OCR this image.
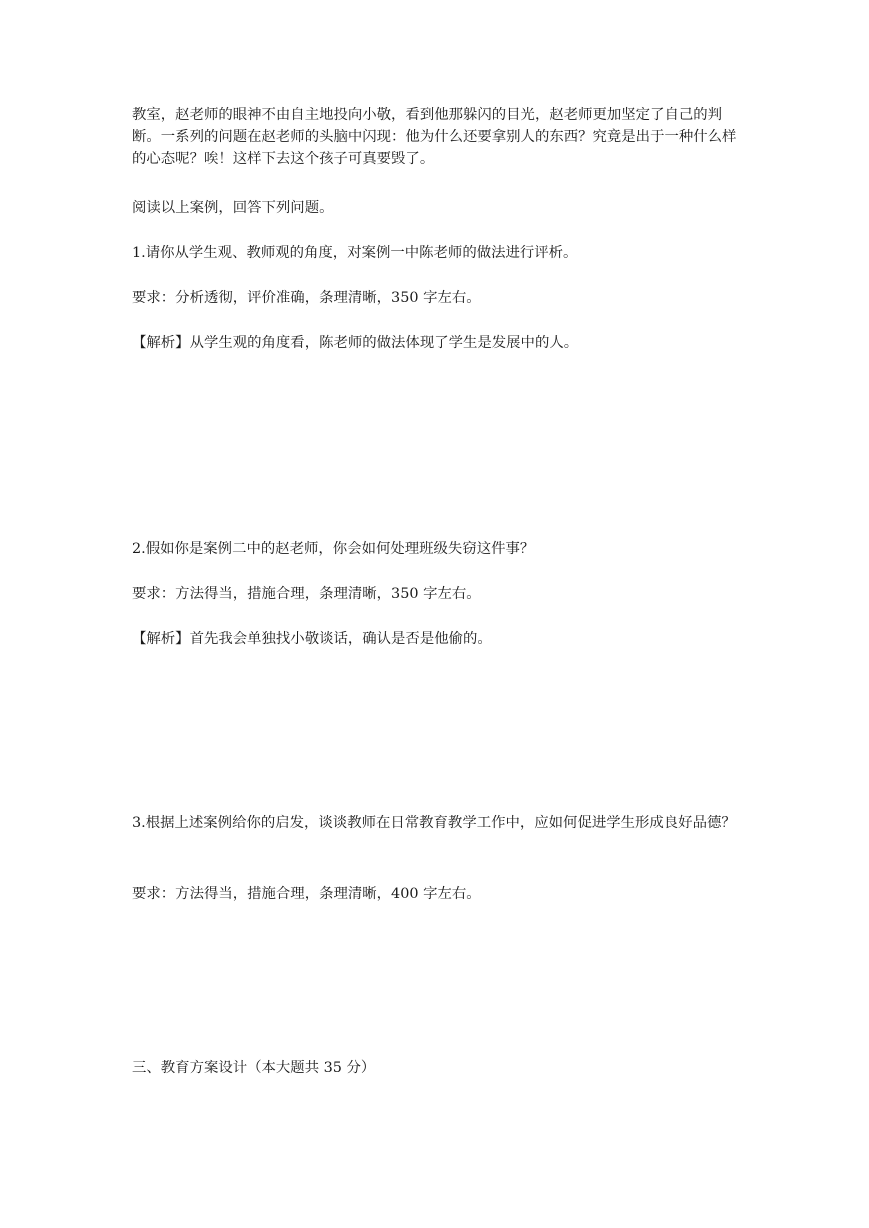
教室，赵老师的眼神不由自主地投向小敬，看到他那躲闪的目光，赵老师更加坚定了自己的判断。一系列的问题在赵老师的头脑中闪现：他为什么还要拿别人的东西？究竟是出于一种什么样的心态呢？唉！这样下去这个孩子可真要毁了。

阅读以上案例，回答下列问题。

1.请你从学生观、教师观的角度，对案例一中陈老师的做法进行评析。

要求：分析透彻，评价准确，条理清晰，350 字左右。

【解析】从学生观的角度看，陈老师的做法体现了学生是发展中的人。

2.假如你是案例二中的赵老师，你会如何处理班级失窃这件事？

要求：方法得当，措施合理，条理清晰，350 字左右。

【解析】首先我会单独找小敬谈话，确认是否是他偷的。

3.根据上述案例给你的启发，谈谈教师在日常教育教学工作中，应如何促进学生形成良好品德？

要求：方法得当，措施合理，条理清晰，400 字左右。

三、教育方案设计（本大题共 35 分）
